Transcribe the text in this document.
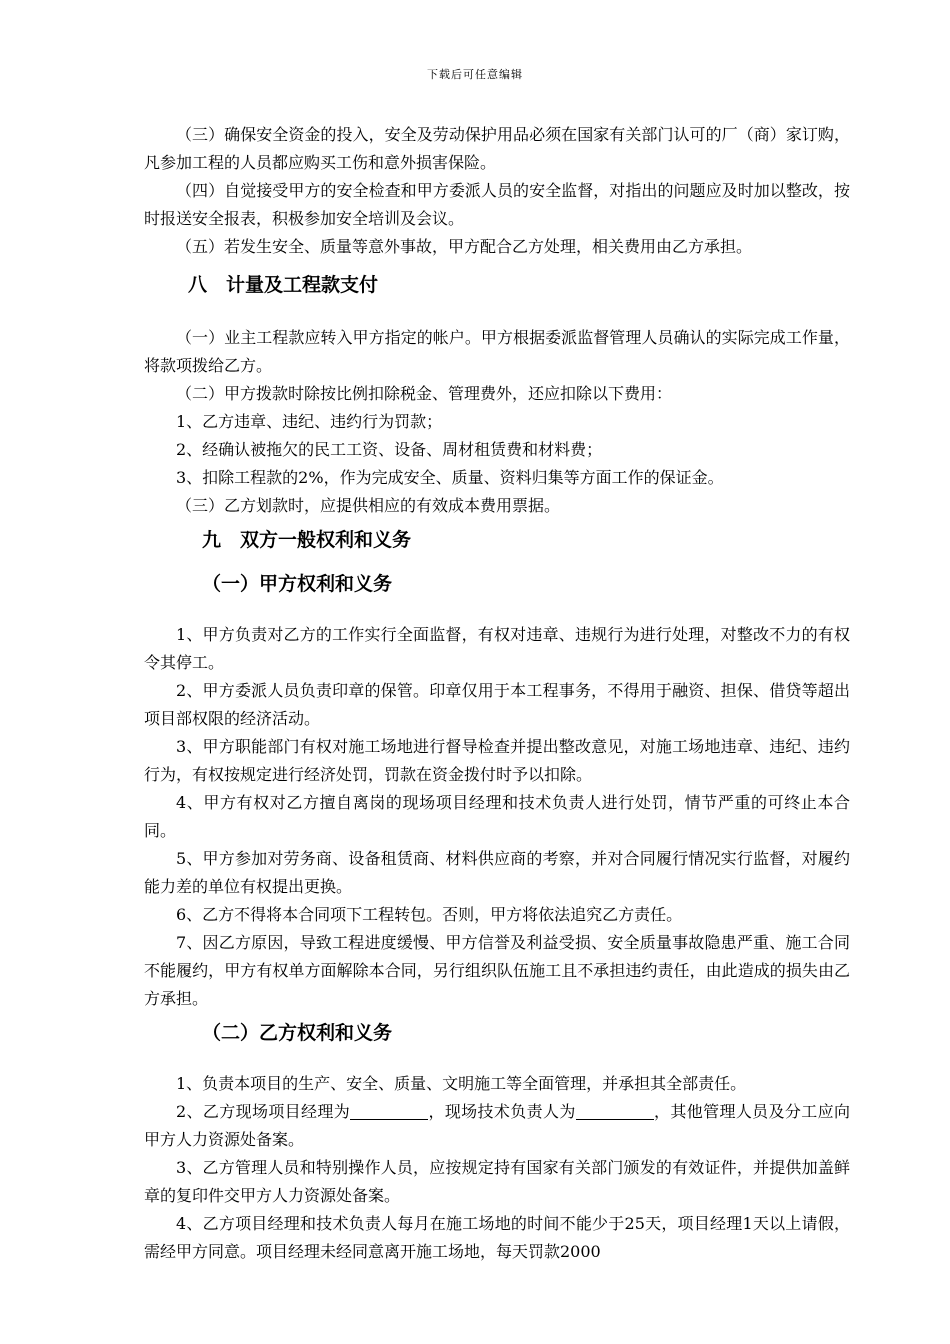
下载后可任意编辑

（三）确保安全资金的投入，安全及劳动保护用品必须在国家有关部门认可的厂（商）家订购，凡参加工程的人员都应购买工伤和意外损害保险。

（四）自觉接受甲方的安全检查和甲方委派人员的安全监督，对指出的问题应及时加以整改，按时报送安全报表，积极参加安全培训及会议。

（五）若发生安全、质量等意外事故，甲方配合乙方处理，相关费用由乙方承担。

八　计量及工程款支付

（一）业主工程款应转入甲方指定的帐户。甲方根据委派监督管理人员确认的实际完成工作量，将款项拨给乙方。

（二）甲方拨款时除按比例扣除税金、管理费外，还应扣除以下费用：

1、乙方违章、违纪、违约行为罚款；

2、经确认被拖欠的民工工资、设备、周材租赁费和材料费；

3、扣除工程款的2%，作为完成安全、质量、资料归集等方面工作的保证金。

（三）乙方划款时，应提供相应的有效成本费用票据。

九　双方一般权利和义务
（一）甲方权利和义务

1、甲方负责对乙方的工作实行全面监督，有权对违章、违规行为进行处理，对整改不力的有权令其停工。

2、甲方委派人员负责印章的保管。印章仅用于本工程事务，不得用于融资、担保、借贷等超出项目部权限的经济活动。

3、甲方职能部门有权对施工场地进行督导检查并提出整改意见，对施工场地违章、违纪、违约行为，有权按规定进行经济处罚，罚款在资金拨付时予以扣除。

4、甲方有权对乙方擅自离岗的现场项目经理和技术负责人进行处罚，情节严重的可终止本合同。

5、甲方参加对劳务商、设备租赁商、材料供应商的考察，并对合同履行情况实行监督，对履约能力差的单位有权提出更换。

6、乙方不得将本合同项下工程转包。否则，甲方将依法追究乙方责任。

7、因乙方原因，导致工程进度缓慢、甲方信誉及利益受损、安全质量事故隐患严重、施工合同不能履约，甲方有权单方面解除本合同，另行组织队伍施工且不承担违约责任，由此造成的损失由乙方承担。

（二）乙方权利和义务

1、负责本项目的生产、安全、质量、文明施工等全面管理，并承担其全部责任。

2、乙方现场项目经理为	，现场技术负责人为	，其他管理人员及分工应向甲方人力资源处备案。

3、乙方管理人员和特别操作人员，应按规定持有国家有关部门颁发的有效证件，并提供加盖鲜章的复印件交甲方人力资源处备案。

4、乙方项目经理和技术负责人每月在施工场地的时间不能少于25天，项目经理1天以上请假，需经甲方同意。项目经理未经同意离开施工场地，每天罚款2000
